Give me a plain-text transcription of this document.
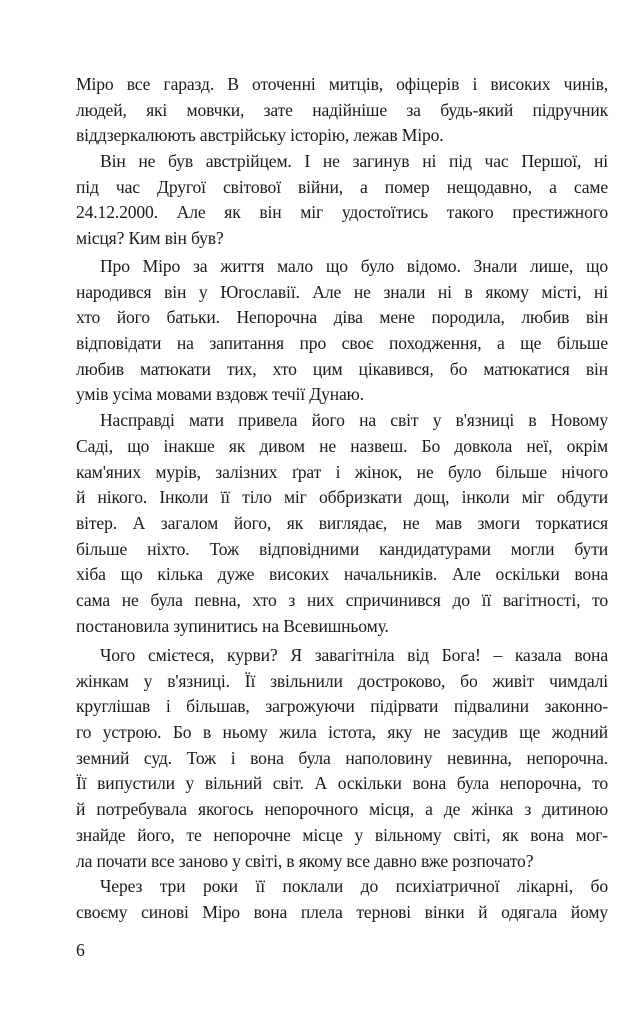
Міро все гаразд. В оточенні митців, офіцерів і високих чинів,
людей, які мовчки, зате надійніше за будь-який підручник
віддзеркалюють австрійську історію, лежав Міро.
Він не був австрійцем. І не загинув ні під час Першої, ні
під час Другої світової війни, а помер нещодавно, а саме
24.12.2000. Але як він міг удостоїтись такого престижного
місця? Ким він був?
Про Міро за життя мало що було відомо. Знали лише, що
народився він у Югославії. Але не знали ні в якому місті, ні
хто його батьки. Непорочна діва мене породила, любив він
відповідати на запитання про своє походження, а ще більше
любив матюкати тих, хто цим цікавився, бо матюкатися він
умів усіма мовами вздовж течії Дунаю.
Насправді мати привела його на світ у в'язниці в Новому
Саді, що інакше як дивом не назвеш. Бо довкола неї, окрім
кам'яних мурів, залізних ґрат і жінок, не було більше нічого
й нікого. Інколи її тіло міг оббризкати дощ, інколи міг обдути
вітер. А загалом його, як виглядає, не мав змоги торкатися
більше ніхто. Тож відповідними кандидатурами могли бути
хіба що кілька дуже високих начальників. Але оскільки вона
сама не була певна, хто з них спричинився до її вагітності, то
постановила зупинитись на Всевишньому.
Чого смієтеся, курви? Я завагітніла від Бога! – казала вона
жінкам у в'язниці. Її звільнили достроково, бо живіт чимдалі
круглішав і більшав, загрожуючи підірвати підвалини законно-
го устрою. Бо в ньому жила істота, яку не засудив ще жодний
земний суд. Тож і вона була наполовину невинна, непорочна.
Її випустили у вільний світ. А оскільки вона була непорочна, то
й потребувала якогось непорочного місця, а де жінка з дитиною
знайде його, те непорочне місце у вільному світі, як вона мог-
ла почати все заново у світі, в якому все давно вже розпочато?
Через три роки її поклали до психіатричної лікарні, бо
своєму синові Міро вона плела тернові вінки й одягала йому
6
